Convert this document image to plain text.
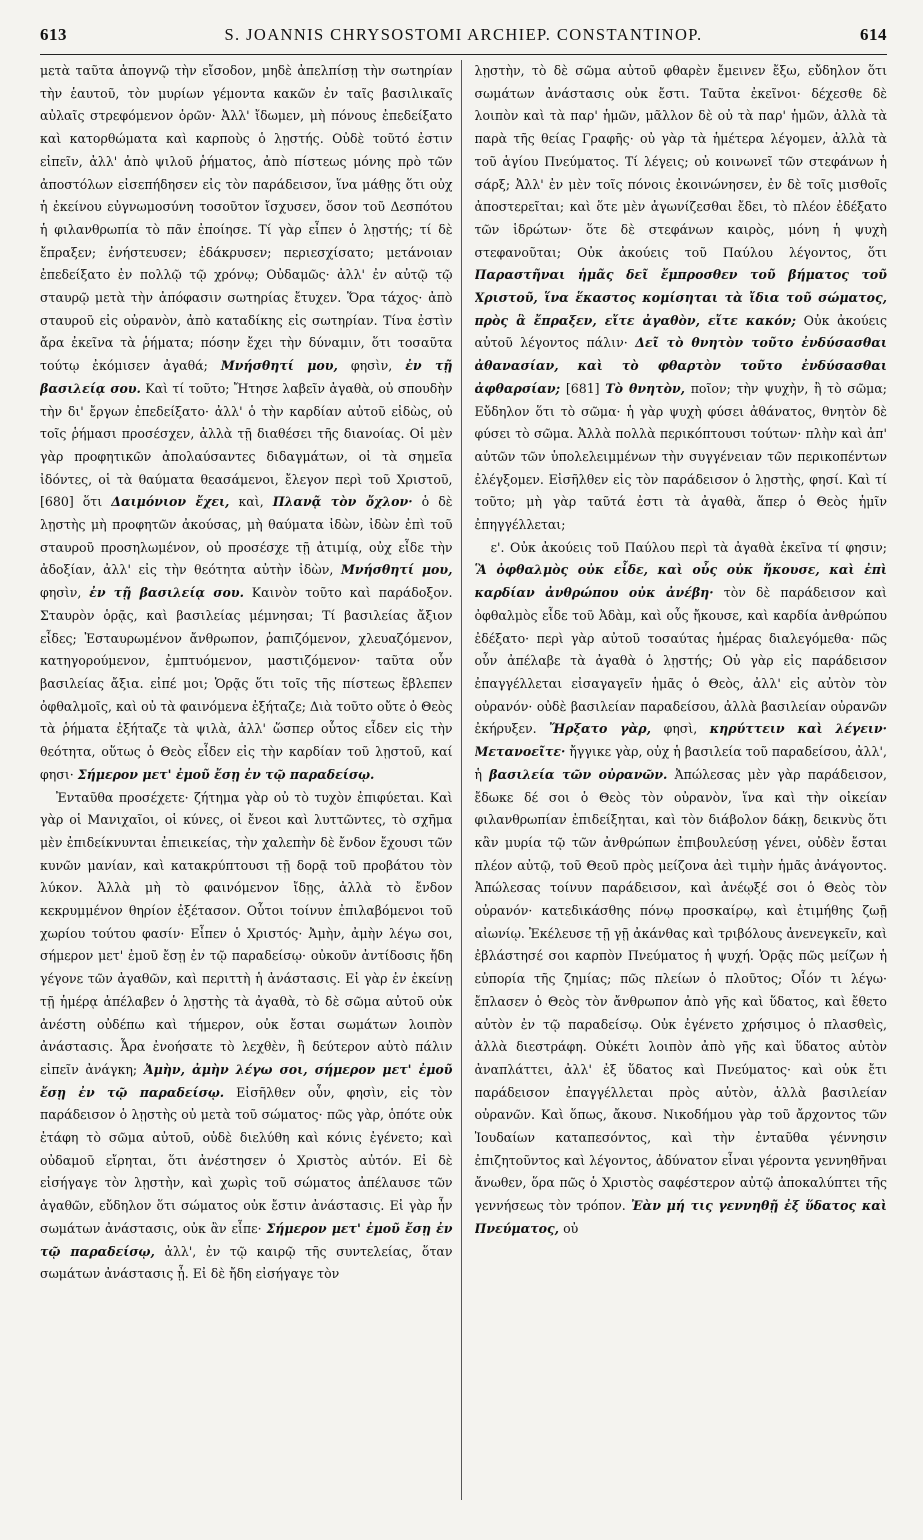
613	S. JOANNIS CHRYSOSTOMI ARCHIEP. CONSTANTINOP.	614

μετὰ ταῦτα ἀπογνῷ τὴν εἴσοδον, μηδὲ ἀπελπίσῃ τὴν σωτηρίαν τὴν ἑαυτοῦ, τὸν μυρίων γέμοντα κακῶν ἐν ταῖς βασιλικαῖς αὐλαῖς στρεφόμενον ὁρῶν· Ἀλλ' ἴδωμεν, μὴ πόνους ἐπεδείξατο καὶ κατορθώματα καὶ καρποὺς ὁ λῃστής. Οὐδὲ τοῦτό ἐστιν εἰπεῖν, ἀλλ' ἀπὸ ψιλοῦ ῥήματος, ἀπὸ πίστεως μόνης πρὸ τῶν ἀποστόλων εἰσεπήδησεν εἰς τὸν παράδεισον, ἵνα μάθῃς ὅτι οὐχ ἡ ἐκείνου εὐγνωμοσύνη τοσοῦτον ἴσχυσεν, ὅσον τοῦ Δεσπότου ἡ φιλανθρωπία τὸ πᾶν ἐποίησε. Τί γὰρ εἶπεν ὁ λῃστής; τί δὲ ἔπραξεν; ἐνήστευσεν; ἐδάκρυσεν; περιεσχίσατο; μετάνοιαν ἐπεδείξατο ἐν πολλῷ τῷ χρόνῳ; Οὐδαμῶς· ἀλλ' ἐν αὐτῷ τῷ σταυρῷ μετὰ τὴν ἀπόφασιν σωτηρίας ἔτυχεν. Ὅρα τάχος· ἀπὸ σταυροῦ εἰς οὐρανὸν, ἀπὸ καταδίκης εἰς σωτηρίαν. Τίνα ἐστὶν ἄρα ἐκεῖνα τὰ ῥήματα; πόσην ἔχει τὴν δύναμιν, ὅτι τοσαῦτα τούτῳ ἐκόμισεν ἀγαθά; Μνήσθητί μου, φησὶν, ἐν τῇ βασιλείᾳ σου. Καὶ τί τοῦτο; Ἤτησε λαβεῖν ἀγαθὰ, οὐ σπουδὴν τὴν δι' ἔργων ἐπεδείξατο· ἀλλ' ὁ τὴν καρδίαν αὐτοῦ εἰδὼς, οὐ τοῖς ῥήμασι προσέσχεν, ἀλλὰ τῇ διαθέσει τῆς διανοίας. Οἱ μὲν γὰρ προφητικῶν ἀπολαύσαντες διδαγμάτων, οἱ τὰ σημεῖα ἰδόντες, οἱ τὰ θαύματα θεασάμενοι, ἔλεγον περὶ τοῦ Χριστοῦ, [680] ὅτι Δαιμόνιον ἔχει, καὶ, Πλανᾷ τὸν ὄχλον· ὁ δὲ λῃστὴς μὴ προφητῶν ἀκούσας, μὴ θαύματα ἰδὼν, ἰδὼν ἐπὶ τοῦ σταυροῦ προσηλωμένον, οὐ προσέσχε τῇ ἀτιμίᾳ, οὐχ εἶδε τὴν ἀδοξίαν, ἀλλ' εἰς τὴν θεότητα αὐτὴν ἰδὼν, Μνήσθητί μου, φησὶν, ἐν τῇ βασιλείᾳ σου. Καινὸν τοῦτο καὶ παράδοξον. Σταυρὸν ὁρᾷς, καὶ βασιλείας μέμνησαι; Τί βασιλείας ἄξιον εἶδες; Ἐσταυρωμένον ἄνθρωπον, ῥαπιζόμενον, χλευαζόμενον, κατηγορούμενον, ἐμπτυόμενον, μαστιζόμενον· ταῦτα οὖν βασιλείας ἄξια. εἰπέ μοι; Ὁρᾷς ὅτι τοῖς τῆς πίστεως ἔβλεπεν ὀφθαλμοῖς, καὶ οὐ τὰ φαινόμενα ἐξήταζε; Διὰ τοῦτο οὔτε ὁ Θεὸς τὰ ῥήματα ἐξήταζε τὰ ψιλὰ, ἀλλ' ὥσπερ οὗτος εἶδεν εἰς τὴν θεότητα, οὕτως ὁ Θεὸς εἶδεν εἰς τὴν καρδίαν τοῦ λῃστοῦ, καί φησι· Σήμερον μετ' ἐμοῦ ἔσῃ ἐν τῷ παραδείσῳ.

Ἐνταῦθα προσέχετε· ζήτημα γὰρ οὐ τὸ τυχὸν ἐπιφύεται. Καὶ γὰρ οἱ Μανιχαῖοι, οἱ κύνες, οἱ ἔνεοι καὶ λυττῶντες, τὸ σχῆμα μὲν ἐπιδείκνυνται ἐπιεικείας, τὴν χαλεπὴν δὲ ἔνδον ἔχουσι τῶν κυνῶν μανίαν, καὶ κατακρύπτουσι τῇ δορᾷ τοῦ προβάτου τὸν λύκον. Ἀλλὰ μὴ τὸ φαινόμενον ἴδῃς, ἀλλὰ τὸ ἔνδον κεκρυμμένον θηρίον ἐξέτασον. Οὗτοι τοίνυν ἐπιλαβόμενοι τοῦ χωρίου τούτου φασίν· Εἶπεν ὁ Χριστός· Ἀμὴν, ἀμὴν λέγω σοι, σήμερον μετ' ἐμοῦ ἔσῃ ἐν τῷ παραδείσῳ· οὐκοῦν ἀντίδοσις ἤδη γέγονε τῶν ἀγαθῶν, καὶ περιττὴ ἡ ἀνάστασις. Εἰ γὰρ ἐν ἐκείνῃ τῇ ἡμέρᾳ ἀπέλαβεν ὁ λῃστὴς τὰ ἀγαθὰ, τὸ δὲ σῶμα αὐτοῦ οὐκ ἀνέστη οὐδέπω καὶ τήμερον, οὐκ ἔσται σωμάτων λοιπὸν ἀνάστασις. Ἆρα ἐνοήσατε τὸ λεχθὲν, ἢ δεύτερον αὐτὸ πάλιν εἰπεῖν ἀνάγκη; Ἀμὴν, ἀμὴν λέγω σοι, σήμερον μετ' ἐμοῦ ἔσῃ ἐν τῷ παραδείσῳ. Εἰσῆλθεν οὖν, φησὶν, εἰς τὸν παράδεισον ὁ λῃστὴς οὐ μετὰ τοῦ σώματος· πῶς γὰρ, ὁπότε οὐκ ἐτάφη τὸ σῶμα αὐτοῦ, οὐδὲ διελύθη καὶ κόνις ἐγένετο; καὶ οὐδαμοῦ εἴρηται, ὅτι ἀνέστησεν ὁ Χριστὸς αὐτόν. Εἰ δὲ εἰσήγαγε τὸν λῃστὴν, καὶ χωρὶς τοῦ σώματος ἀπέλαυσε τῶν ἀγαθῶν, εὔδηλον ὅτι σώματος οὐκ ἔστιν ἀνάστασις. Εἰ γὰρ ἦν σωμάτων ἀνάστασις, οὐκ ἂν εἶπε· Σήμερον μετ' ἐμοῦ ἔσῃ ἐν τῷ παραδείσῳ, ἀλλ', ἐν τῷ καιρῷ τῆς συντελείας, ὅταν σωμάτων ἀνάστασις ᾖ. Εἰ δὲ ἤδη εἰσήγαγε τὸν

λῃστὴν, τὸ δὲ σῶμα αὐτοῦ φθαρὲν ἔμεινεν ἔξω, εὔδηλον ὅτι σωμάτων ἀνάστασις οὐκ ἔστι. Ταῦτα ἐκεῖνοι· δέχεσθε δὲ λοιπὸν καὶ τὰ παρ' ἡμῶν, μᾶλλον δὲ οὐ τὰ παρ' ἡμῶν, ἀλλὰ τὰ παρὰ τῆς θείας Γραφῆς· οὐ γὰρ τὰ ἡμέτερα λέγομεν, ἀλλὰ τὰ τοῦ ἁγίου Πνεύματος. Τί λέγεις; οὐ κοινωνεῖ τῶν στεφάνων ἡ σάρξ; Ἀλλ' ἐν μὲν τοῖς πόνοις ἐκοινώνησεν, ἐν δὲ τοῖς μισθοῖς ἀποστερεῖται; καὶ ὅτε μὲν ἀγωνίζεσθαι ἔδει, τὸ πλέον ἐδέξατο τῶν ἱδρώτων· ὅτε δὲ στεφάνων καιρὸς, μόνη ἡ ψυχὴ στεφανοῦται; Οὐκ ἀκούεις τοῦ Παύλου λέγοντος, ὅτι Παραστῆναι ἡμᾶς δεῖ ἔμπροσθεν τοῦ βήματος τοῦ Χριστοῦ, ἵνα ἕκαστος κομίσηται τὰ ἴδια τοῦ σώματος, πρὸς ἃ ἔπραξεν, εἴτε ἀγαθὸν, εἴτε κακόν; Οὐκ ἀκούεις αὐτοῦ λέγοντος πάλιν· Δεῖ τὸ θνητὸν τοῦτο ἐνδύσασθαι ἀθανασίαν, καὶ τὸ φθαρτὸν τοῦτο ἐνδύσασθαι ἀφθαρσίαν; [681] Τὸ θνητὸν, ποῖον; τὴν ψυχὴν, ἢ τὸ σῶμα; Εὔδηλον ὅτι τὸ σῶμα· ἡ γὰρ ψυχὴ φύσει ἀθάνατος, θνητὸν δὲ φύσει τὸ σῶμα. Ἀλλὰ πολλὰ περικόπτουσι τούτων· πλὴν καὶ ἀπ' αὐτῶν τῶν ὑπολελειμμένων τὴν συγγένειαν τῶν περικοπέντων ἐλέγξομεν. Εἰσῆλθεν εἰς τὸν παράδεισον ὁ λῃστὴς, φησί. Καὶ τί τοῦτο; μὴ γὰρ ταῦτά ἐστι τὰ ἀγαθὰ, ἅπερ ὁ Θεὸς ἡμῖν ἐπηγγέλλεται;

ε'. Οὐκ ἀκούεις τοῦ Παύλου περὶ τὰ ἀγαθὰ ἐκεῖνα τί φησιν; Ἃ ὀφθαλμὸς οὐκ εἶδε, καὶ οὖς οὐκ ἤκουσε, καὶ ἐπὶ καρδίαν ἀνθρώπου οὐκ ἀνέβη· τὸν δὲ παράδεισον καὶ ὀφθαλμὸς εἶδε τοῦ Ἀδὰμ, καὶ οὖς ἤκουσε, καὶ καρδία ἀνθρώπου ἐδέξατο· περὶ γὰρ αὐτοῦ τοσαύτας ἡμέρας διαλεγόμεθα· πῶς οὖν ἀπέλαβε τὰ ἀγαθὰ ὁ λῃστής; Οὐ γὰρ εἰς παράδεισον ἐπαγγέλλεται εἰσαγαγεῖν ἡμᾶς ὁ Θεὸς, ἀλλ' εἰς αὐτὸν τὸν οὐρανόν· οὐδὲ βασιλείαν παραδείσου, ἀλλὰ βασιλείαν οὐρανῶν ἐκήρυξεν. Ἤρξατο γὰρ, φησὶ, κηρύττειν καὶ λέγειν· Μετανοεῖτε· ἤγγικε γὰρ, οὐχ ἡ βασιλεία τοῦ παραδείσου, ἀλλ', ἡ βασιλεία τῶν οὐρανῶν. Ἀπώλεσας μὲν γὰρ παράδεισον, ἔδωκε δέ σοι ὁ Θεὸς τὸν οὐρανὸν, ἵνα καὶ τὴν οἰκείαν φιλανθρωπίαν ἐπιδείξηται, καὶ τὸν διάβολον δάκῃ, δεικνὺς ὅτι κἂν μυρία τῷ τῶν ἀνθρώπων ἐπιβουλεύσῃ γένει, οὐδὲν ἔσται πλέον αὐτῷ, τοῦ Θεοῦ πρὸς μείζονα ἀεὶ τιμὴν ἡμᾶς ἀνάγοντος. Ἀπώλεσας τοίνυν παράδεισον, καὶ ἀνέῳξέ σοι ὁ Θεὸς τὸν οὐρανόν· κατεδικάσθης πόνῳ προσκαίρῳ, καὶ ἐτιμήθης ζωῇ αἰωνίῳ. Ἐκέλευσε τῇ γῇ ἀκάνθας καὶ τριβόλους ἀνενεγκεῖν, καὶ ἐβλάστησέ σοι καρπὸν Πνεύματος ἡ ψυχή. Ὁρᾷς πῶς μείζων ἡ εὐπορία τῆς ζημίας; πῶς πλείων ὁ πλοῦτος; Οἷόν τι λέγω· ἔπλασεν ὁ Θεὸς τὸν ἄνθρωπον ἀπὸ γῆς καὶ ὕδατος, καὶ ἔθετο αὐτὸν ἐν τῷ παραδείσῳ. Οὐκ ἐγένετο χρήσιμος ὁ πλασθεὶς, ἀλλὰ διεστράφη. Οὐκέτι λοιπὸν ἀπὸ γῆς καὶ ὕδατος αὐτὸν ἀναπλάττει, ἀλλ' ἐξ ὕδατος καὶ Πνεύματος· καὶ οὐκ ἔτι παράδεισον ἐπαγγέλλεται πρὸς αὐτὸν, ἀλλὰ βασιλείαν οὐρανῶν. Καὶ ὅπως, ἄκουσ. Νικοδήμου γὰρ τοῦ ἄρχοντος τῶν Ἰουδαίων καταπεσόντος, καὶ τὴν ἐνταῦθα γέννησιν ἐπιζητοῦντος καὶ λέγοντος, ἀδύνατον εἶναι γέροντα γεννηθῆναι ἄνωθεν, ὅρα πῶς ὁ Χριστὸς σαφέστερον αὐτῷ ἀποκαλύπτει τῆς γεννήσεως τὸν τρόπον. Ἐὰν μή τις γεννηθῇ ἐξ ὕδατος καὶ Πνεύματος, οὐ
